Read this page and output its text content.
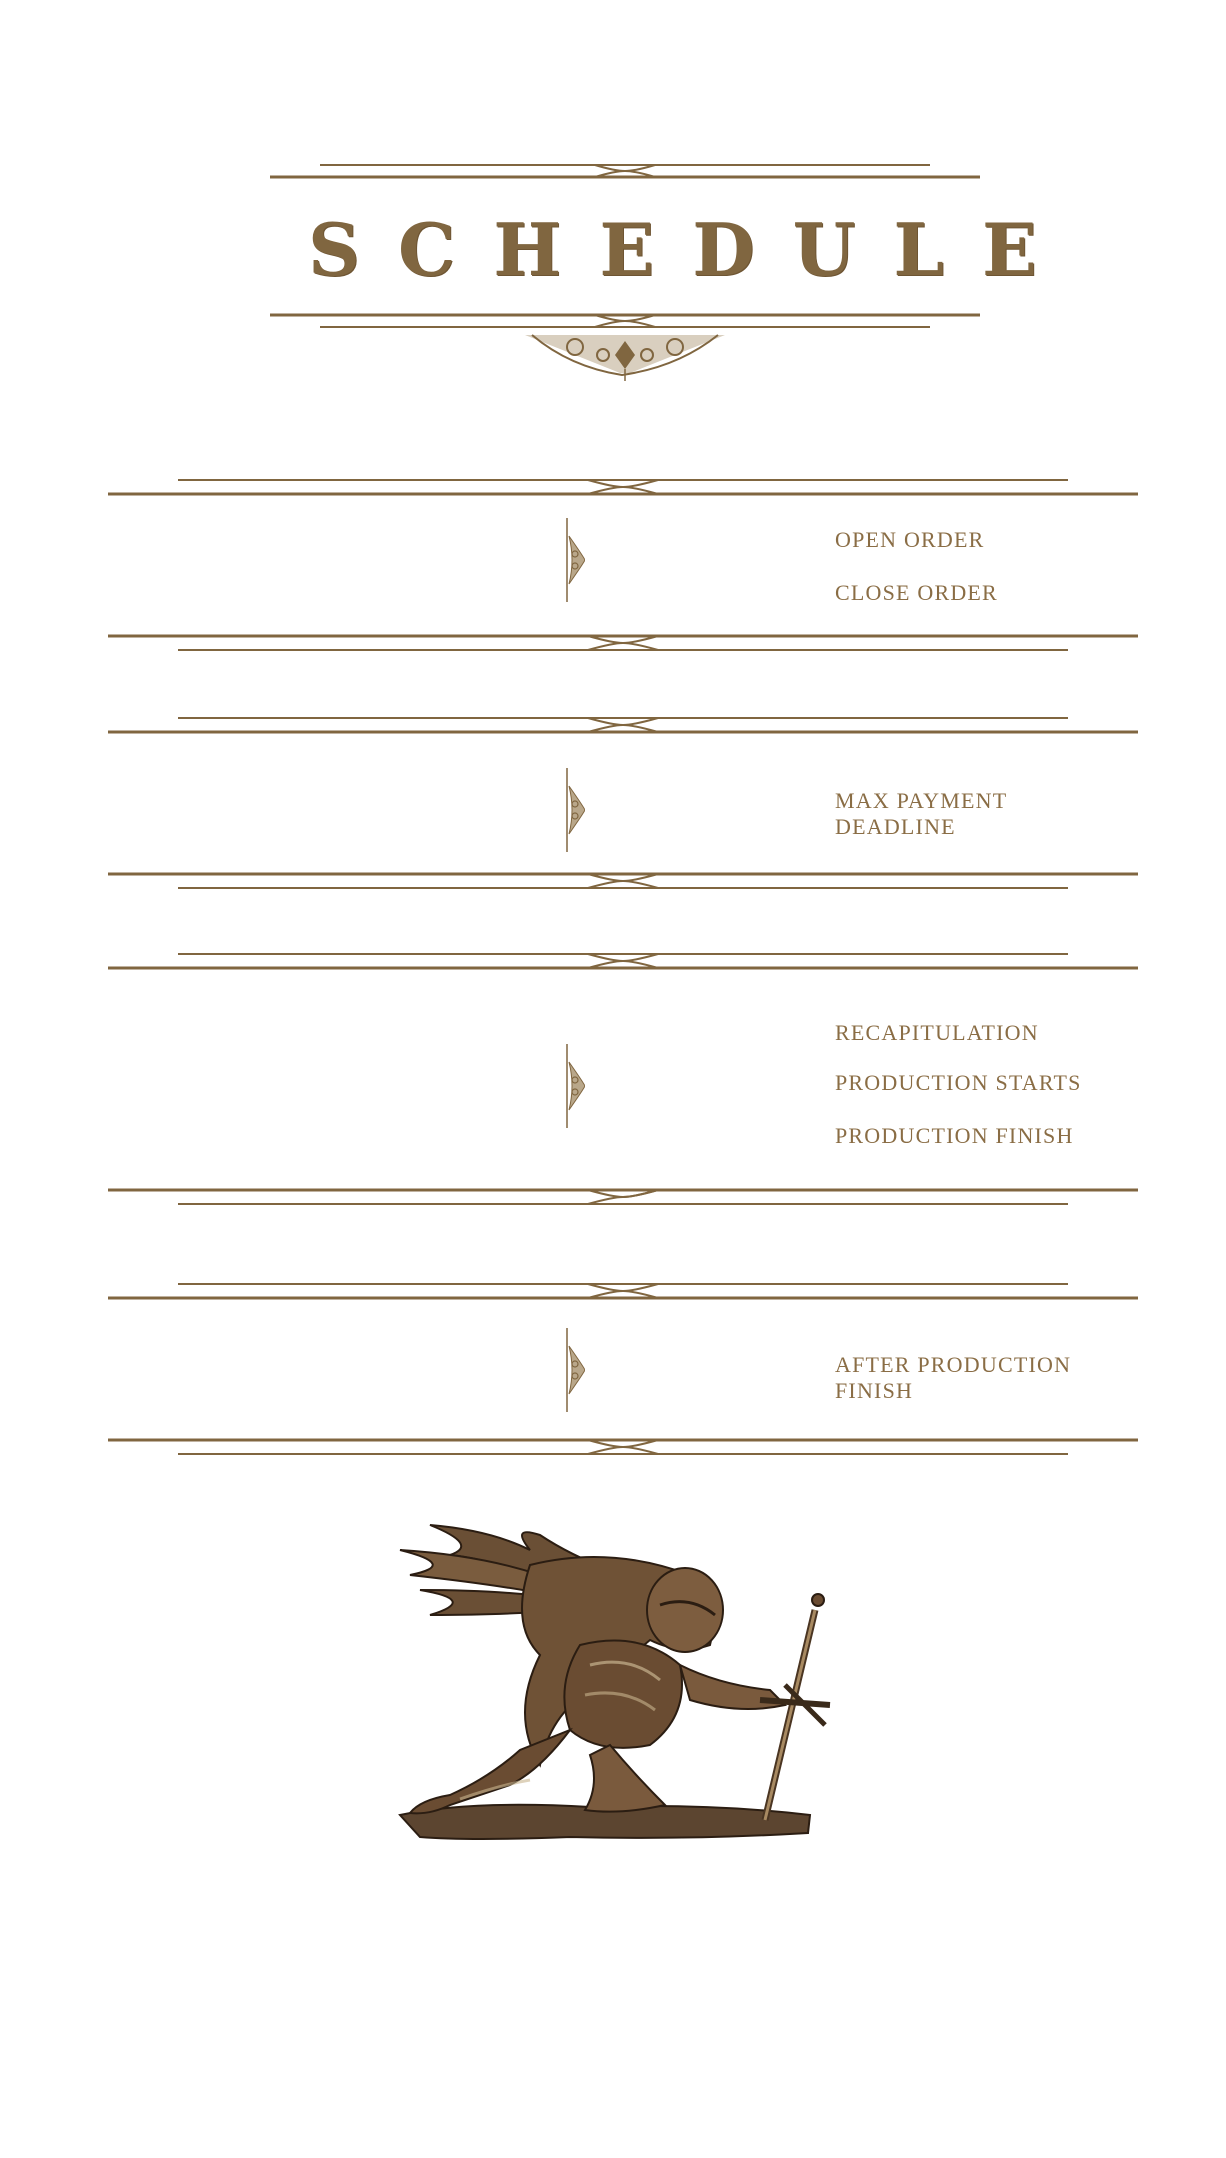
SCHEDULE
OPEN ORDER
CLOSE ORDER
MAX PAYMENT
DEADLINE
RECAPITULATION
PRODUCTION STARTS
PRODUCTION FINISH
AFTER PRODUCTION
FINISH
